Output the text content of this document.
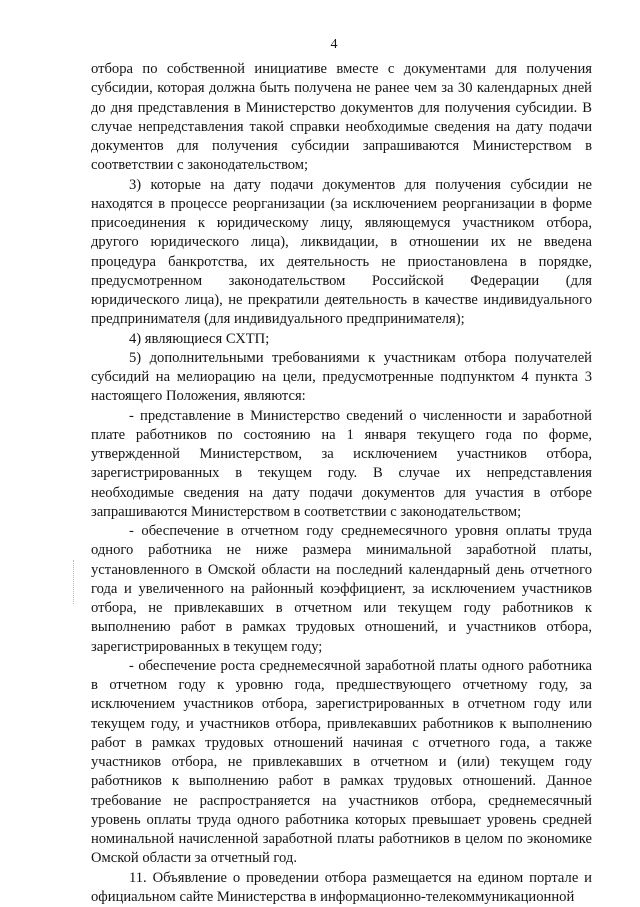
4

отбора по собственной инициативе вместе с документами для получения субсидии, которая должна быть получена не ранее чем за 30 календарных дней до дня представления в Министерство документов для получения субсидии. В случае непредставления такой справки необходимые сведения на дату подачи документов для получения субсидии запрашиваются Министерством в соответствии с законодательством;

3) которые на дату подачи документов для получения субсидии не находятся в процессе реорганизации (за исключением реорганизации в форме присоединения к юридическому лицу, являющемуся участником отбора, другого юридического лица), ликвидации, в отношении их не введена процедура банкротства, их деятельность не приостановлена в порядке, предусмотренном законодательством Российской Федерации (для юридического лица), не прекратили деятельность в качестве индивидуального предпринимателя (для индивидуального предпринимателя);

4) являющиеся СХТП;

5) дополнительными требованиями к участникам отбора получателей субсидий на мелиорацию на цели, предусмотренные подпунктом 4 пункта 3 настоящего Положения, являются:

- представление в Министерство сведений о численности и заработной плате работников по состоянию на 1 января текущего года по форме, утвержденной Министерством, за исключением участников отбора, зарегистрированных в текущем году. В случае их непредставления необходимые сведения на дату подачи документов для участия в отборе запрашиваются Министерством в соответствии с законодательством;

- обеспечение в отчетном году среднемесячного уровня оплаты труда одного работника не ниже размера минимальной заработной платы, установленного в Омской области на последний календарный день отчетного года и увеличенного на районный коэффициент, за исключением участников отбора, не привлекавших в отчетном или текущем году работников к выполнению работ в рамках трудовых отношений, и участников отбора, зарегистрированных в текущем году;

- обеспечение роста среднемесячной заработной платы одного работника в отчетном году к уровню года, предшествующего отчетному году, за исключением участников отбора, зарегистрированных в отчетном году или текущем году, и участников отбора, привлекавших работников к выполнению работ в рамках трудовых отношений начиная с отчетного года, а также участников отбора, не привлекавших в отчетном и (или) текущем году работников к выполнению работ в рамках трудовых отношений. Данное требование не распространяется на участников отбора, среднемесячный уровень оплаты труда одного работника которых превышает уровень средней номинальной начисленной заработной платы работников в целом по экономике Омской области за отчетный год.

11. Объявление о проведении отбора размещается на едином портале и официальном сайте Министерства в информационно-телекоммуникационной
